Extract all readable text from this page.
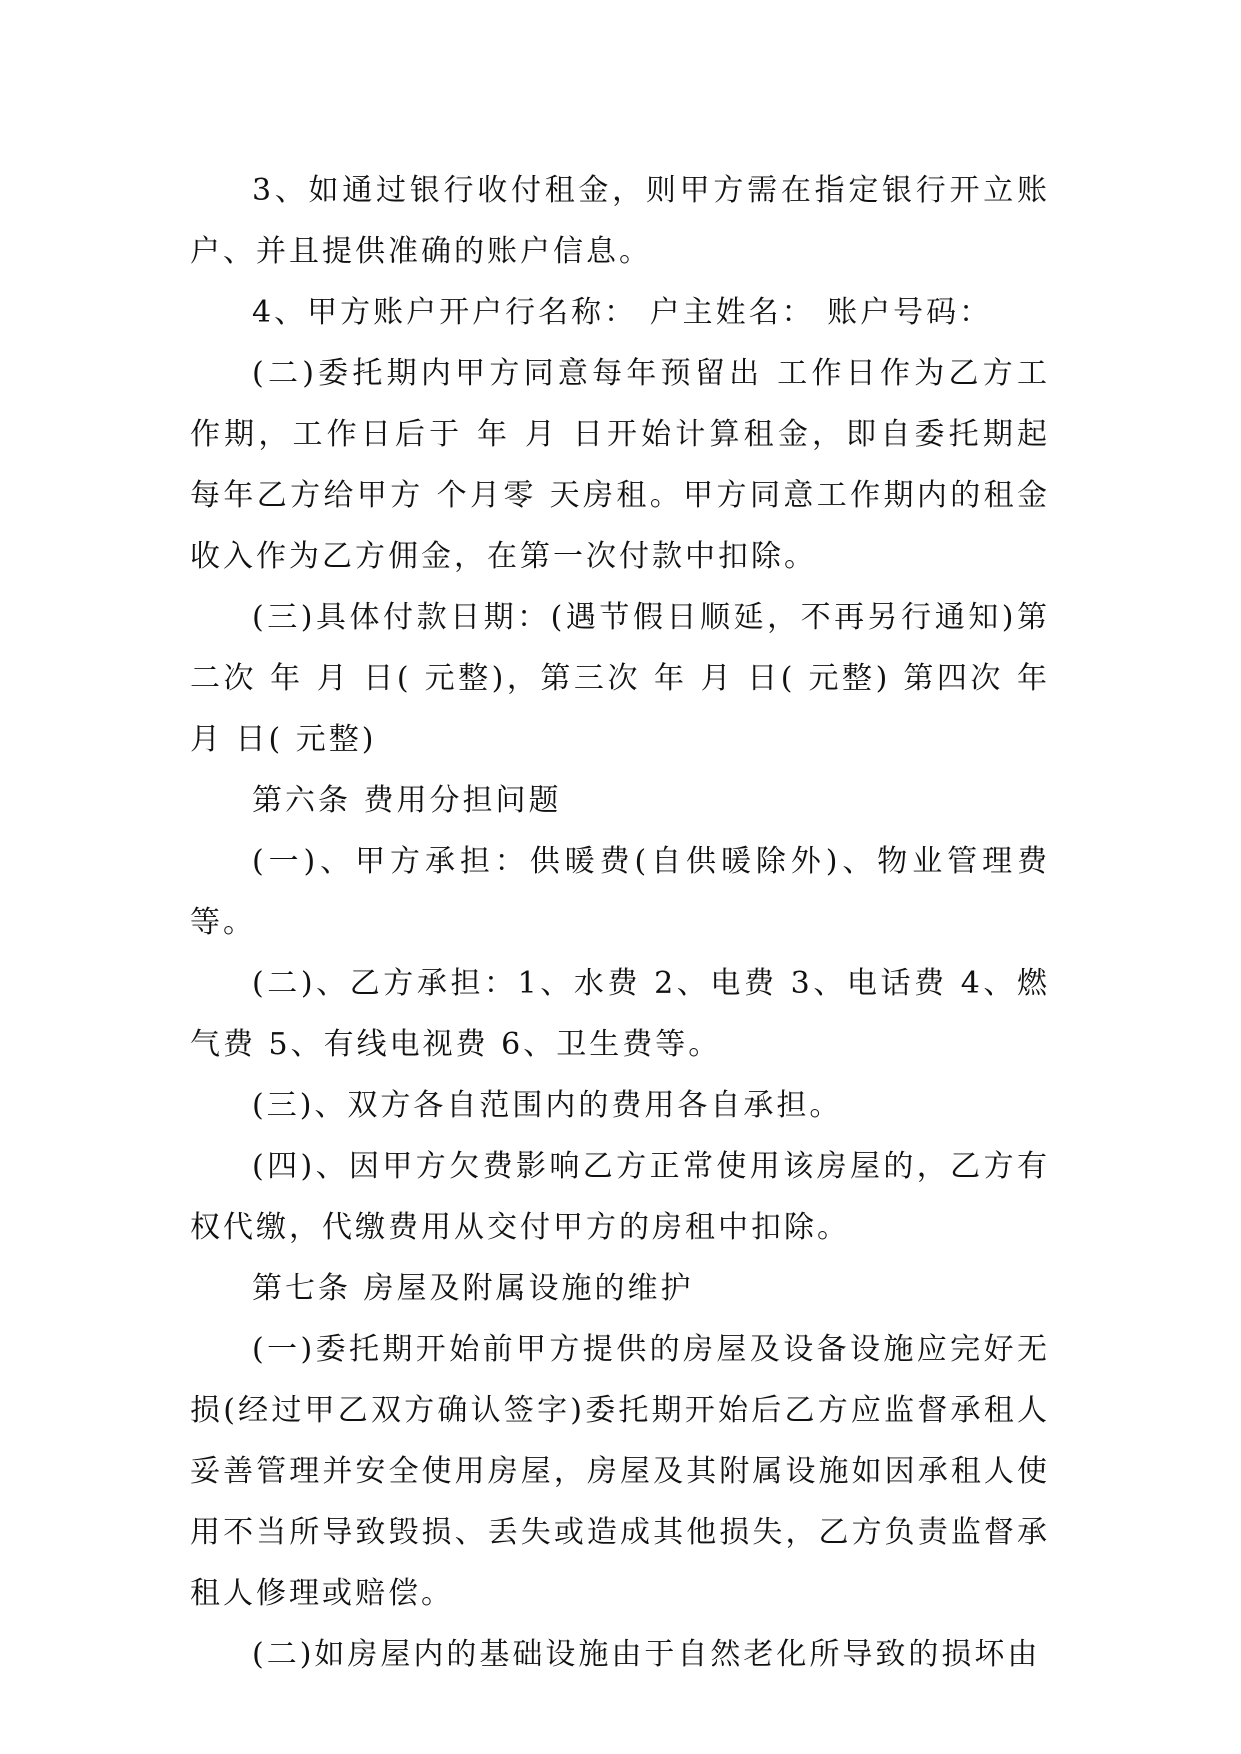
3、如通过银行收付租金，则甲方需在指定银行开立账户、并且提供准确的账户信息。

4、甲方账户开户行名称： 户主姓名： 账户号码：

(二)委托期内甲方同意每年预留出 工作日作为乙方工作期，工作日后于 年 月 日开始计算租金，即自委托期起每年乙方给甲方 个月零 天房租。甲方同意工作期内的租金收入作为乙方佣金，在第一次付款中扣除。

(三)具体付款日期：(遇节假日顺延，不再另行通知)第二次 年 月 日( 元整)，第三次 年 月 日( 元整) 第四次 年 月 日( 元整)

第六条 费用分担问题

(一)、甲方承担：供暖费(自供暖除外)、物业管理费等。

(二)、乙方承担：1、水费 2、电费 3、电话费 4、燃气费 5、有线电视费 6、卫生费等。

(三)、双方各自范围内的费用各自承担。

(四)、因甲方欠费影响乙方正常使用该房屋的，乙方有权代缴，代缴费用从交付甲方的房租中扣除。

第七条 房屋及附属设施的维护

(一)委托期开始前甲方提供的房屋及设备设施应完好无损(经过甲乙双方确认签字)委托期开始后乙方应监督承租人妥善管理并安全使用房屋，房屋及其附属设施如因承租人使用不当所导致毁损、丢失或造成其他损失，乙方负责监督承租人修理或赔偿。

(二)如房屋内的基础设施由于自然老化所导致的损坏由
